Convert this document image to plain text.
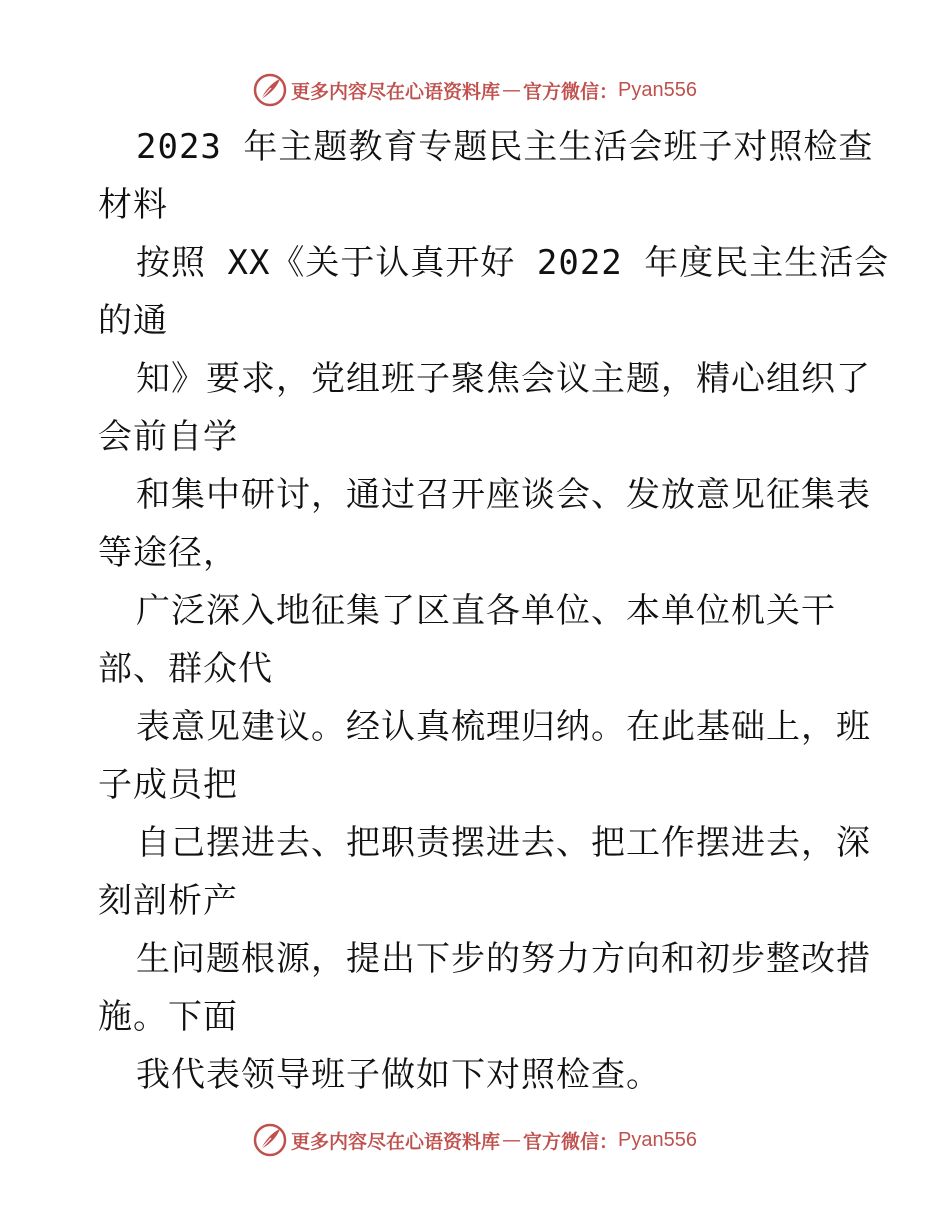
更多内容尽在心语资料库 — 官方微信： Pyan556
2023 年主题教育专题民主生活会班子对照检查
材料
按照 XX《关于认真开好 2022 年度民主生活会
的通
知》要求，党组班子聚焦会议主题，精心组织了
会前自学
和集中研讨，通过召开座谈会、发放意见征集表
等途径，
广泛深入地征集了区直各单位、本单位机关干
部、群众代
表意见建议。经认真梳理归纳。在此基础上，班
子成员把
自己摆进去、把职责摆进去、把工作摆进去，深
刻剖析产
生问题根源，提出下步的努力方向和初步整改措
施。下面
我代表领导班子做如下对照检查。
更多内容尽在心语资料库 — 官方微信： Pyan556
